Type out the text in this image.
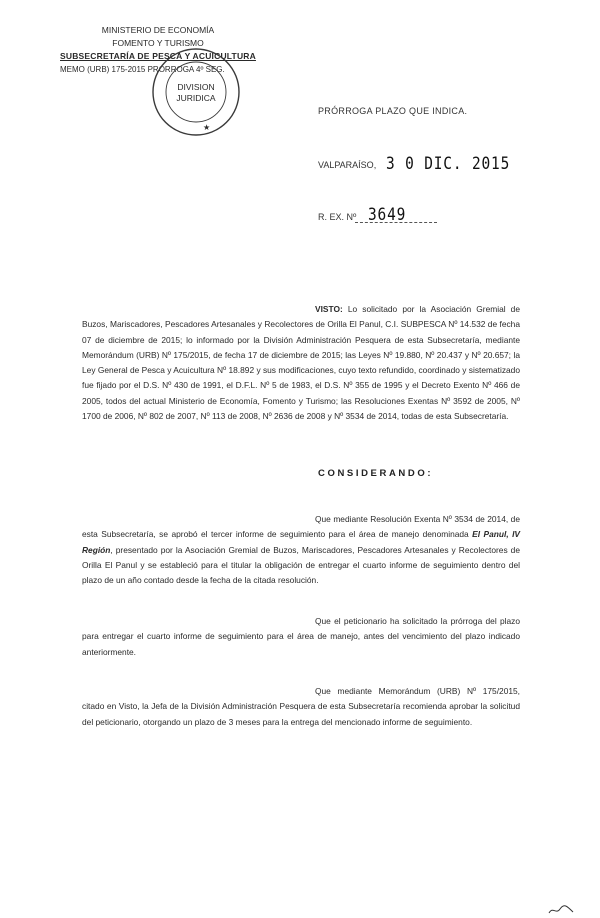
MINISTERIO DE ECONOMÍA
FOMENTO Y TURISMO
SUBSECRETARÍA DE PESCA Y ACUICULTURA
MEMO (URB) 175-2015 PRÓRROGA 4º SEG.
DIVISION
JURIDICA
★
PRÓRROGA PLAZO QUE INDICA.
VALPARAÍSO, 3 0 DIC. 2015
R. EX. Nº 3649
VISTO: Lo solicitado por la Asociación Gremial de Buzos, Mariscadores, Pescadores Artesanales y Recolectores de Orilla El Panul, C.I. SUBPESCA Nº 14.532 de fecha 07 de diciembre de 2015; lo informado por la División Administración Pesquera de esta Subsecretaría, mediante Memorándum (URB) Nº 175/2015, de fecha 17 de diciembre de 2015; las Leyes Nº 19.880, Nº 20.437 y Nº 20.657; la Ley General de Pesca y Acuicultura Nº 18.892 y sus modificaciones, cuyo texto refundido, coordinado y sistematizado fue fijado por el D.S. Nº 430 de 1991, el D.F.L. Nº 5 de 1983, el D.S. Nº 355 de 1995 y el Decreto Exento Nº 466 de 2005, todos del actual Ministerio de Economía, Fomento y Turismo; las Resoluciones Exentas Nº 3592 de 2005, Nº 1700 de 2006, Nº 802 de 2007, Nº 113 de 2008, Nº 2636 de 2008 y Nº 3534 de 2014, todas de esta Subsecretaría.
CONSIDERANDO:
Que mediante Resolución Exenta Nº 3534 de 2014, de esta Subsecretaría, se aprobó el tercer informe de seguimiento para el área de manejo denominada El Panul, IV Región, presentado por la Asociación Gremial de Buzos, Mariscadores, Pescadores Artesanales y Recolectores de Orilla El Panul y se estableció para el titular la obligación de entregar el cuarto informe de seguimiento dentro del plazo de un año contado desde la fecha de la citada resolución.
Que el peticionario ha solicitado la prórroga del plazo para entregar el cuarto informe de seguimiento para el área de manejo, antes del vencimiento del plazo indicado anteriormente.
Que mediante Memorándum (URB) Nº 175/2015, citado en Visto, la Jefa de la División Administración Pesquera de esta Subsecretaría recomienda aprobar la solicitud del peticionario, otorgando un plazo de 3 meses para la entrega del mencionado informe de seguimiento.
